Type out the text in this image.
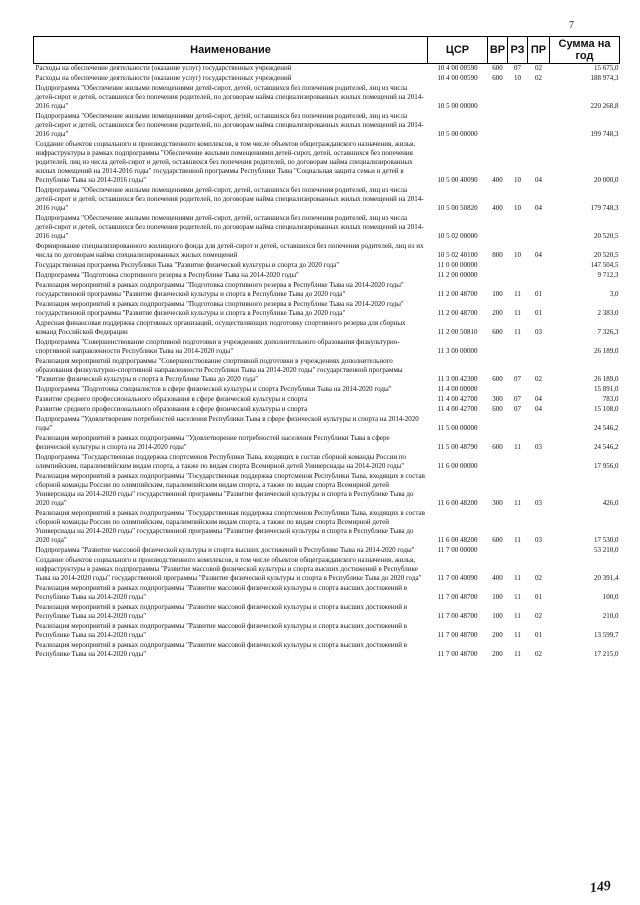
7
Наименование	ЦСР	ВР	РЗ	ПР	Сумма на год
Расходы на обеспечение деятельности (оказание услуг) государственных учреждений	10 4 00 00590	600	07	02	15 675,0
Расходы на обеспечение деятельности (оказание услуг) государственных учреждений	10 4 00 00590	600	10	02	188 974,3
Подпрограмма "Обеспечение жилыми помещениями детей-сирот, детей, оставшихся без попечения родителей, лиц из числа детей-сирот и детей, оставшихся без попечения родителей, по договорам найма специализированных жилых помещений на 2014-2016 годы"	10 5 00 00000				220 268,8
Подпрограмма "Обеспечение жилыми помещениями детей-сирот, детей, оставшихся без попечения родителей, лиц из числа детей-сирот и детей, оставшихся без попечения родителей, по договорам найма специализированных жилых помещений на 2014-2016 годы"	10 5 00 00000				199 748,3
Создание объектов социального и производственного комплексов, в том числе объектов общегражданского назначения, жилья, инфраструктуры в рамках подпрограммы "Обеспечение жилыми помещениями детей-сирот, детей, оставшихся без попечения родителей, лиц из числа детей-сирот и детей, оставшихся без попечения родителей, по договорам найма специализированных жилых помещений на 2014-2016 годы" государственной программы Республики Тыва "Социальная защита семьи и детей в Республике Тыва на 2014-2016 годы"	10 5 00 40090	400	10	04	20 000,0
Подпрограмма "Обеспечение жилыми помещениями детей-сирот, детей, оставшихся без попечения родителей, лиц из числа детей-сирот и детей, оставшихся без попечения родителей, по договорам найма специализированных жилых помещений на 2014-2016 годы"	10 5 00 50820	400	10	04	179 748,3
Подпрограмма "Обеспечение жилыми помещениями детей-сирот, детей, оставшихся без попечения родителей, лиц из числа детей-сирот и детей, оставшихся без попечения родителей, по договорам найма специализированных жилых помещений на 2014-2016 годы"	10 5 02 00000				20 520,5
Формирование специализированного жилищного фонда для детей-сирот и детей, оставшихся без попечения родителей, лиц из их числа по договорам найма специализированных жилых помещений	10 5 02 40100	800	10	04	20 520,5
Государственная программа Республики Тыва "Развитие физической культуры и спорта до 2020 года"	11 0 00 00000				147 504,5
Подпрограмма "Подготовка спортивного резерва в Республике Тыва на 2014-2020 годы"	11 2 00 00000				9 712,3
Реализация мероприятий в рамках подпрограммы "Подготовка спортивного резерва в Республике Тыва на 2014-2020 годы" государственной программы "Развитие физической культуры и спорта в Республике Тыва до 2020 года"	11 2 00 48700	100	11	01	3,0
Реализация мероприятий в рамках подпрограммы "Подготовка спортивного резерва в Республике Тыва на 2014-2020 годы" государственной программы "Развитие физической культуры и спорта в Республике Тыва до 2020 года"	11 2 00 48700	200	11	01	2 383,0
Адресная финансовая поддержка спортивных организаций, осуществляющих подготовку спортивного резерва для сборных команд Российской Федерации	11 2 00 50810	600	11	03	7 326,3
Подпрограмма "Совершенствование спортивной подготовки в учреждениях дополнительного образования физкультурно-спортивной направленности Республики Тыва на 2014-2020 годы"	11 3 00 00000				26 189,0
Реализация мероприятий подпрограммы "Совершенствование спортивной подготовки в учреждениях дополнительного образования физкультурно-спортивной направленности Республики Тыва на 2014-2020 годы" государственной программы "Развитие физической культуры и спорта в Республике Тыва до 2020 года"	11 3 00 42300	600	07	02	26 189,0
Подпрограмма "Подготовка специалистов в сфере физической культуры и спорта Республики Тыва на 2014-2020 годы"	11 4 00 00000				15 891,0
Развитие среднего профессионального образования в сфере физической культуры и спорта	11 4 00 42700	300	07	04	783,0
Развитие среднего профессионального образования в сфере физической культуры и спорта	11 4 00 42700	600	07	04	15 108,0
Подпрограмма "Удовлетворение потребностей населения Республики Тыва в сфере физической культуры и спорта на 2014-2020 годы"	11 5 00 00000				24 546,2
Реализация мероприятий в рамках подпрограммы "Удовлетворение потребностей населения Республики Тыва в сфере физической культуры и спорта на 2014-2020 годы"	11 5 00 48790	600	11	03	24 546,2
Подпрограмма "Государственная поддержка спортсменов Республики Тыва, входящих в состав сборной команды России по олимпийским, паралимпийским видам спорта, а также по видам спорта Всемирной детей Универсиады на 2014-2020 годы"	11 6 00 00000				17 956,0
Реализация мероприятий в рамках подпрограммы "Государственная поддержка спортсменов Республики Тыва, входящих в состав сборной команды России по олимпийским, паралимпийским видам спорта, а также по видам спорта Всемирной детей Универсиады на 2014-2020 годы" государственной программы "Развитие физической культуры и спорта в Республике Тыва до 2020 года"	11 6 00 48200	300	11	03	426,0
Реализация мероприятий в рамках подпрограммы "Государственная поддержка спортсменов Республики Тыва, входящих в состав сборной команды России по олимпийским, паралимпийским видам спорта, а также по видам спорта Всемирной детей Универсиады на 2014-2020 годы" государственной программы "Развитие физической культуры и спорта в Республике Тыва до 2020 года"	11 6 00 48200	600	11	03	17 530,0
Подпрограмма "Развитие массовой физической культуры и спорта высших достижений в Республике Тыва на 2014-2020 годы"	11 7 00 00000				53 210,0
Создание объектов социального и производственного комплексов, в том числе объектов общегражданского назначения, жилья, инфраструктуры в рамках подпрограммы "Развитие массовой физической культуры и спорта высших достижений в Республике Тыва на 2014-2020 годы" государственной программы "Развитие физической культуры и спорта в Республике Тыва до 2020 года"	11 7 00 40090	400	11	02	20 391,4
Реализация мероприятий в рамках подпрограммы "Развитие массовой физической культуры и спорта высших достижений в Республике Тыва на 2014-2020 годы"	11 7 00 48700	100	11	01	100,0
Реализация мероприятий в рамках подпрограммы "Развитие массовой физической культуры и спорта высших достижений в Республике Тыва на 2014-2020 годы"	11 7 00 48700	100	11	02	210,0
Реализация мероприятий в рамках подпрограммы "Развитие массовой физической культуры и спорта высших достижений в Республике Тыва на 2014-2020 годы"	11 7 00 48700	200	11	01	13 599,7
Реализация мероприятий в рамках подпрограммы "Развитие массовой физической культуры и спорта высших достижений в Республике Тыва на 2014-2020 годы"	11 7 00 48700	200	11	02	17 215,0
149
